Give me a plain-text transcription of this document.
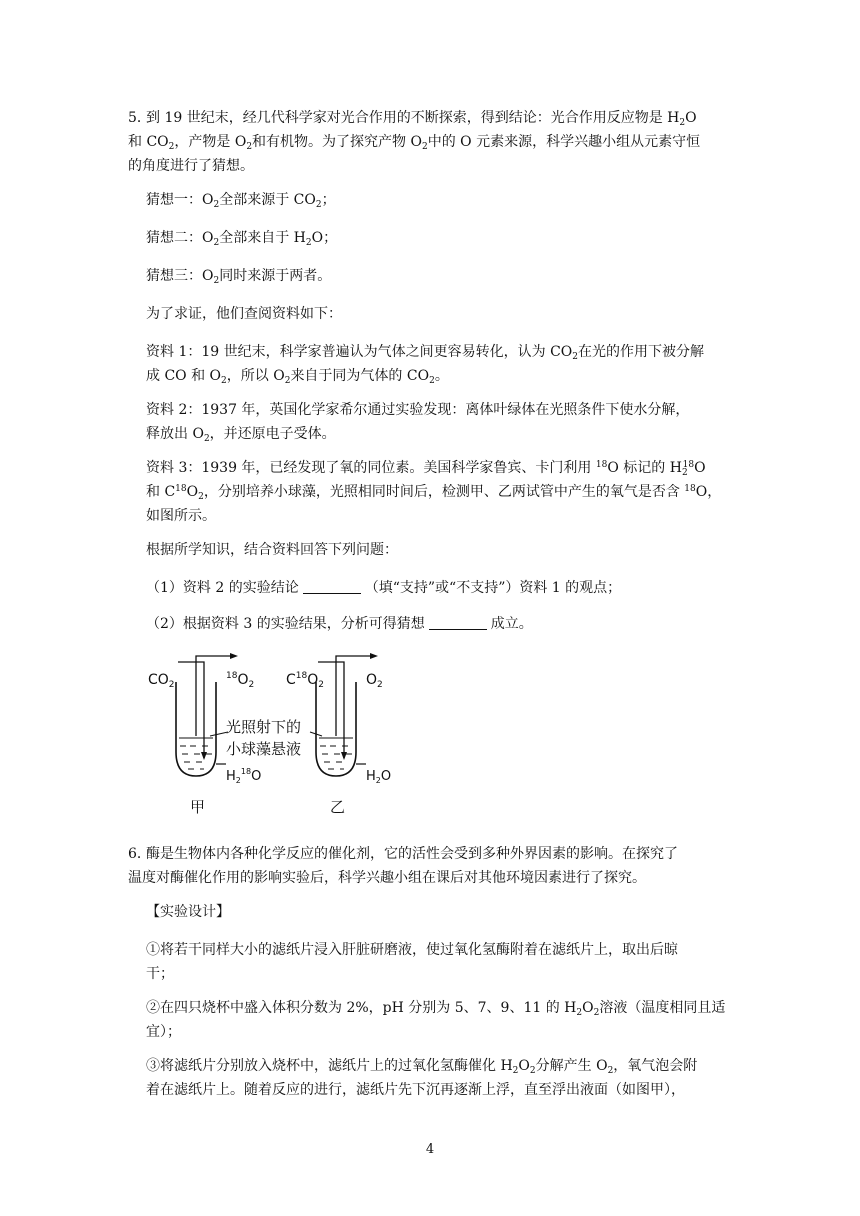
5．
到 19 世纪末，经几代科学家对光合作用的不断探索，得到结论：光合作用反应物是 $H_2O$
和 $CO_2$，产物是 $O_2$和有机物。为了探究产物 $O_2$中的 O 元素来源，科学兴趣小组从元素守恒
的角度进行了猜想。
猜想一：$O_2$全部来源于 $CO_2$；
猜想二：$O_2$全部来自于 $H_2O$；
猜想三：$O_2$同时来源于两者。
为了求证，他们查阅资料如下：
资料 1：19 世纪末，科学家普遍认为气体之间更容易转化，认为 $CO_2$在光的作用下被分解
成 CO 和 $O_2$，所以 $O_2$来自于同为气体的 $CO_2$。
资料 2：1937 年，英国化学家希尔通过实验发现：离体叶绿体在光照条件下使水分解，
释放出 $O_2$，并还原电子受体。
资料 3：1939 年，已经发现了氧的同位素。美国科学家鲁宾、卡门利用 $^{18}$O 标记的 $H_2^{18}O$
和 $C^{18}O_2$，分别培养小球藻，光照相同时间后，检测甲、乙两试管中产生的氧气是否含 $^{18}$O，
如图所示。
根据所学知识，结合资料回答下列问题：
（1）资料 2 的实验结论	（填“支持”或“不支持”）资料 1 的观点；
（2）根据资料 3 的实验结果，分析可得猜想	成立。
$CO_2$
$^{18}O_2$ $C^{18}O_2$	$O_2$
光照射下的
小球藻悬液
$H_2^{18}O$	$H_2O$
甲	乙
6．
酶是生物体内各种化学反应的催化剂，它的活性会受到多种外界因素的影响。在探究了
温度对酶催化作用的影响实验后，科学兴趣小组在课后对其他环境因素进行了探究。
【实验设计】
①将若干同样大小的滤纸片浸入肝脏研磨液，使过氧化氢酶附着在滤纸片上，取出后晾
干；
②在四只烧杯中盛入体积分数为 2%，pH 分别为 5、7、9、11 的 $H_2O_2$溶液（温度相同且适
宜）；
③将滤纸片分别放入烧杯中，滤纸片上的过氧化氢酶催化 $H_2O_2$分解产生 $O_2$，氧气泡会附
着在滤纸片上。随着反应的进行，滤纸片先下沉再逐渐上浮，直至浮出液面（如图甲），
4
